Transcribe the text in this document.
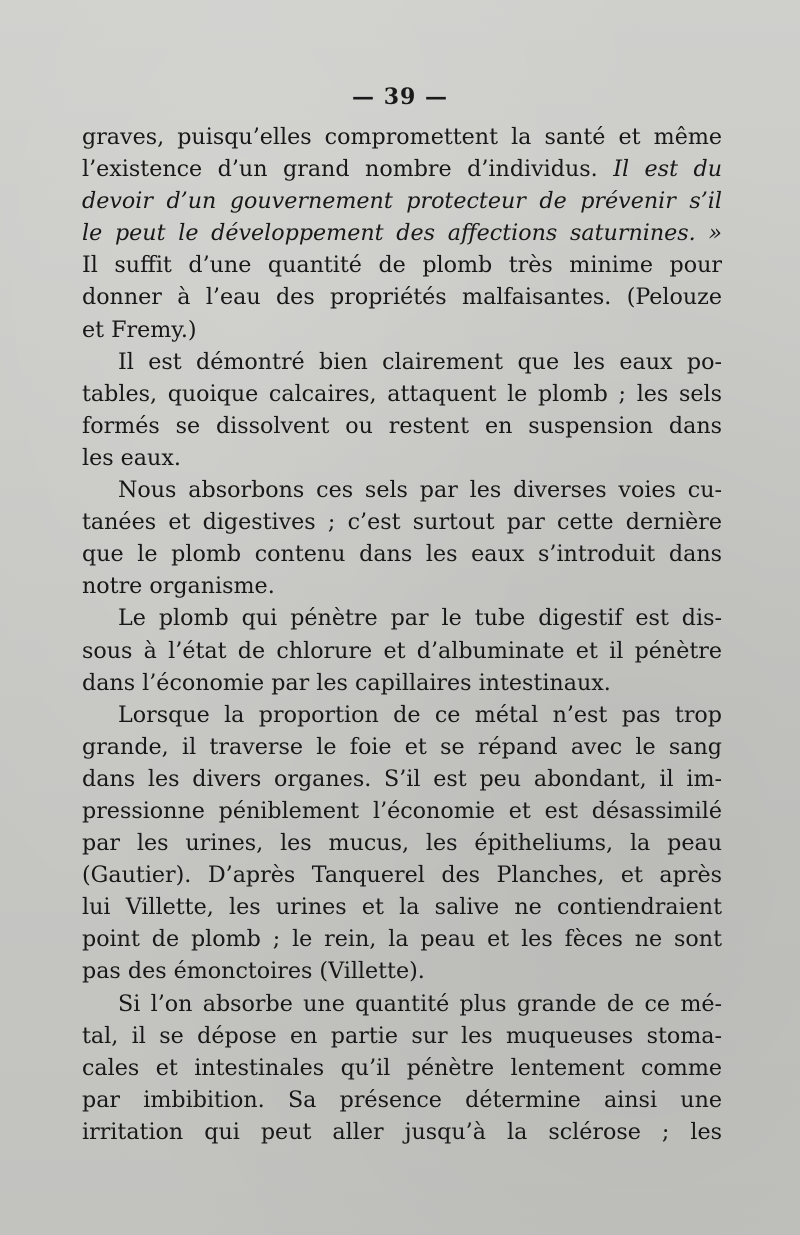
— 39 —
graves, puisqu’elles compromettent la santé et même
l’existence d’un grand nombre d’individus. Il est du
devoir d’un gouvernement protecteur de prévenir s’il
le peut le développement des affections saturnines. »
Il suffit d’une quantité de plomb très minime pour
donner à l’eau des propriétés malfaisantes. (Pelouze
et Fremy.)
Il est démontré bien clairement que les eaux po-
tables, quoique calcaires, attaquent le plomb ; les sels
formés se dissolvent ou restent en suspension dans
les eaux.
Nous absorbons ces sels par les diverses voies cu-
tanées et digestives ; c’est surtout par cette dernière
que le plomb contenu dans les eaux s’introduit dans
notre organisme.
Le plomb qui pénètre par le tube digestif est dis-
sous à l’état de chlorure et d’albuminate et il pénètre
dans l’économie par les capillaires intestinaux.
Lorsque la proportion de ce métal n’est pas trop
grande, il traverse le foie et se répand avec le sang
dans les divers organes. S’il est peu abondant, il im-
pressionne péniblement l’économie et est désassimilé
par les urines, les mucus, les épitheliums, la peau
(Gautier). D’après Tanquerel des Planches, et après
lui Villette, les urines et la salive ne contiendraient
point de plomb ; le rein, la peau et les fèces ne sont
pas des émonctoires (Villette).
Si l’on absorbe une quantité plus grande de ce mé-
tal, il se dépose en partie sur les muqueuses stoma-
cales et intestinales qu’il pénètre lentement comme
par imbibition. Sa présence détermine ainsi une
irritation qui peut aller jusqu’à la sclérose ; les
